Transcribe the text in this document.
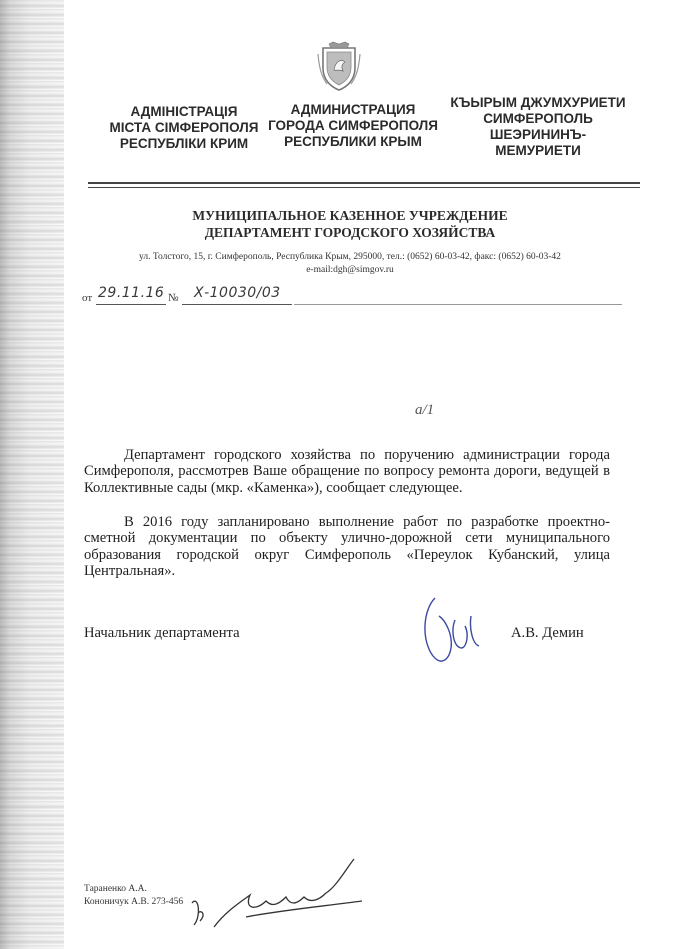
АДМІНІСТРАЦІЯ
МІСТА СІМФЕРОПОЛЯ
РЕСПУБЛІКИ КРИМ
АДМИНИСТРАЦИЯ
ГОРОДА СИМФЕРОПОЛЯ
РЕСПУБЛИКИ КРЫМ
КЪЫРЫМ ДЖУМХУРИЕТИ
СИМФЕРОПОЛЬ
ШЕЭРИНИНЪ-
МЕМУРИЕТИ
МУНИЦИПАЛЬНОЕ КАЗЕННОЕ УЧРЕЖДЕНИЕ
ДЕПАРТАМЕНТ ГОРОДСКОГО ХОЗЯЙСТВА
ул. Толстого, 15, г. Симферополь, Республика Крым, 295000, тел.: (0652) 60-03-42, факс: (0652) 60-03-42
e-mail:dgh@simgov.ru
от 29.11.16 № Х-10030/03
а/1
Департамент городского хозяйства по поручению администрации города Симферополя, рассмотрев Ваше обращение по вопросу ремонта дороги, ведущей в Коллективные сады (мкр. «Каменка»), сообщает следующее.
В 2016 году запланировано выполнение работ по разработке проектно-сметной документации по объекту улично-дорожной сети муниципального образования городской округ Симферополь «Переулок Кубанский, улица Центральная».
Начальник департамента	А.В. Демин
Тараненко А.А.
Кононичук А.В. 273-456
